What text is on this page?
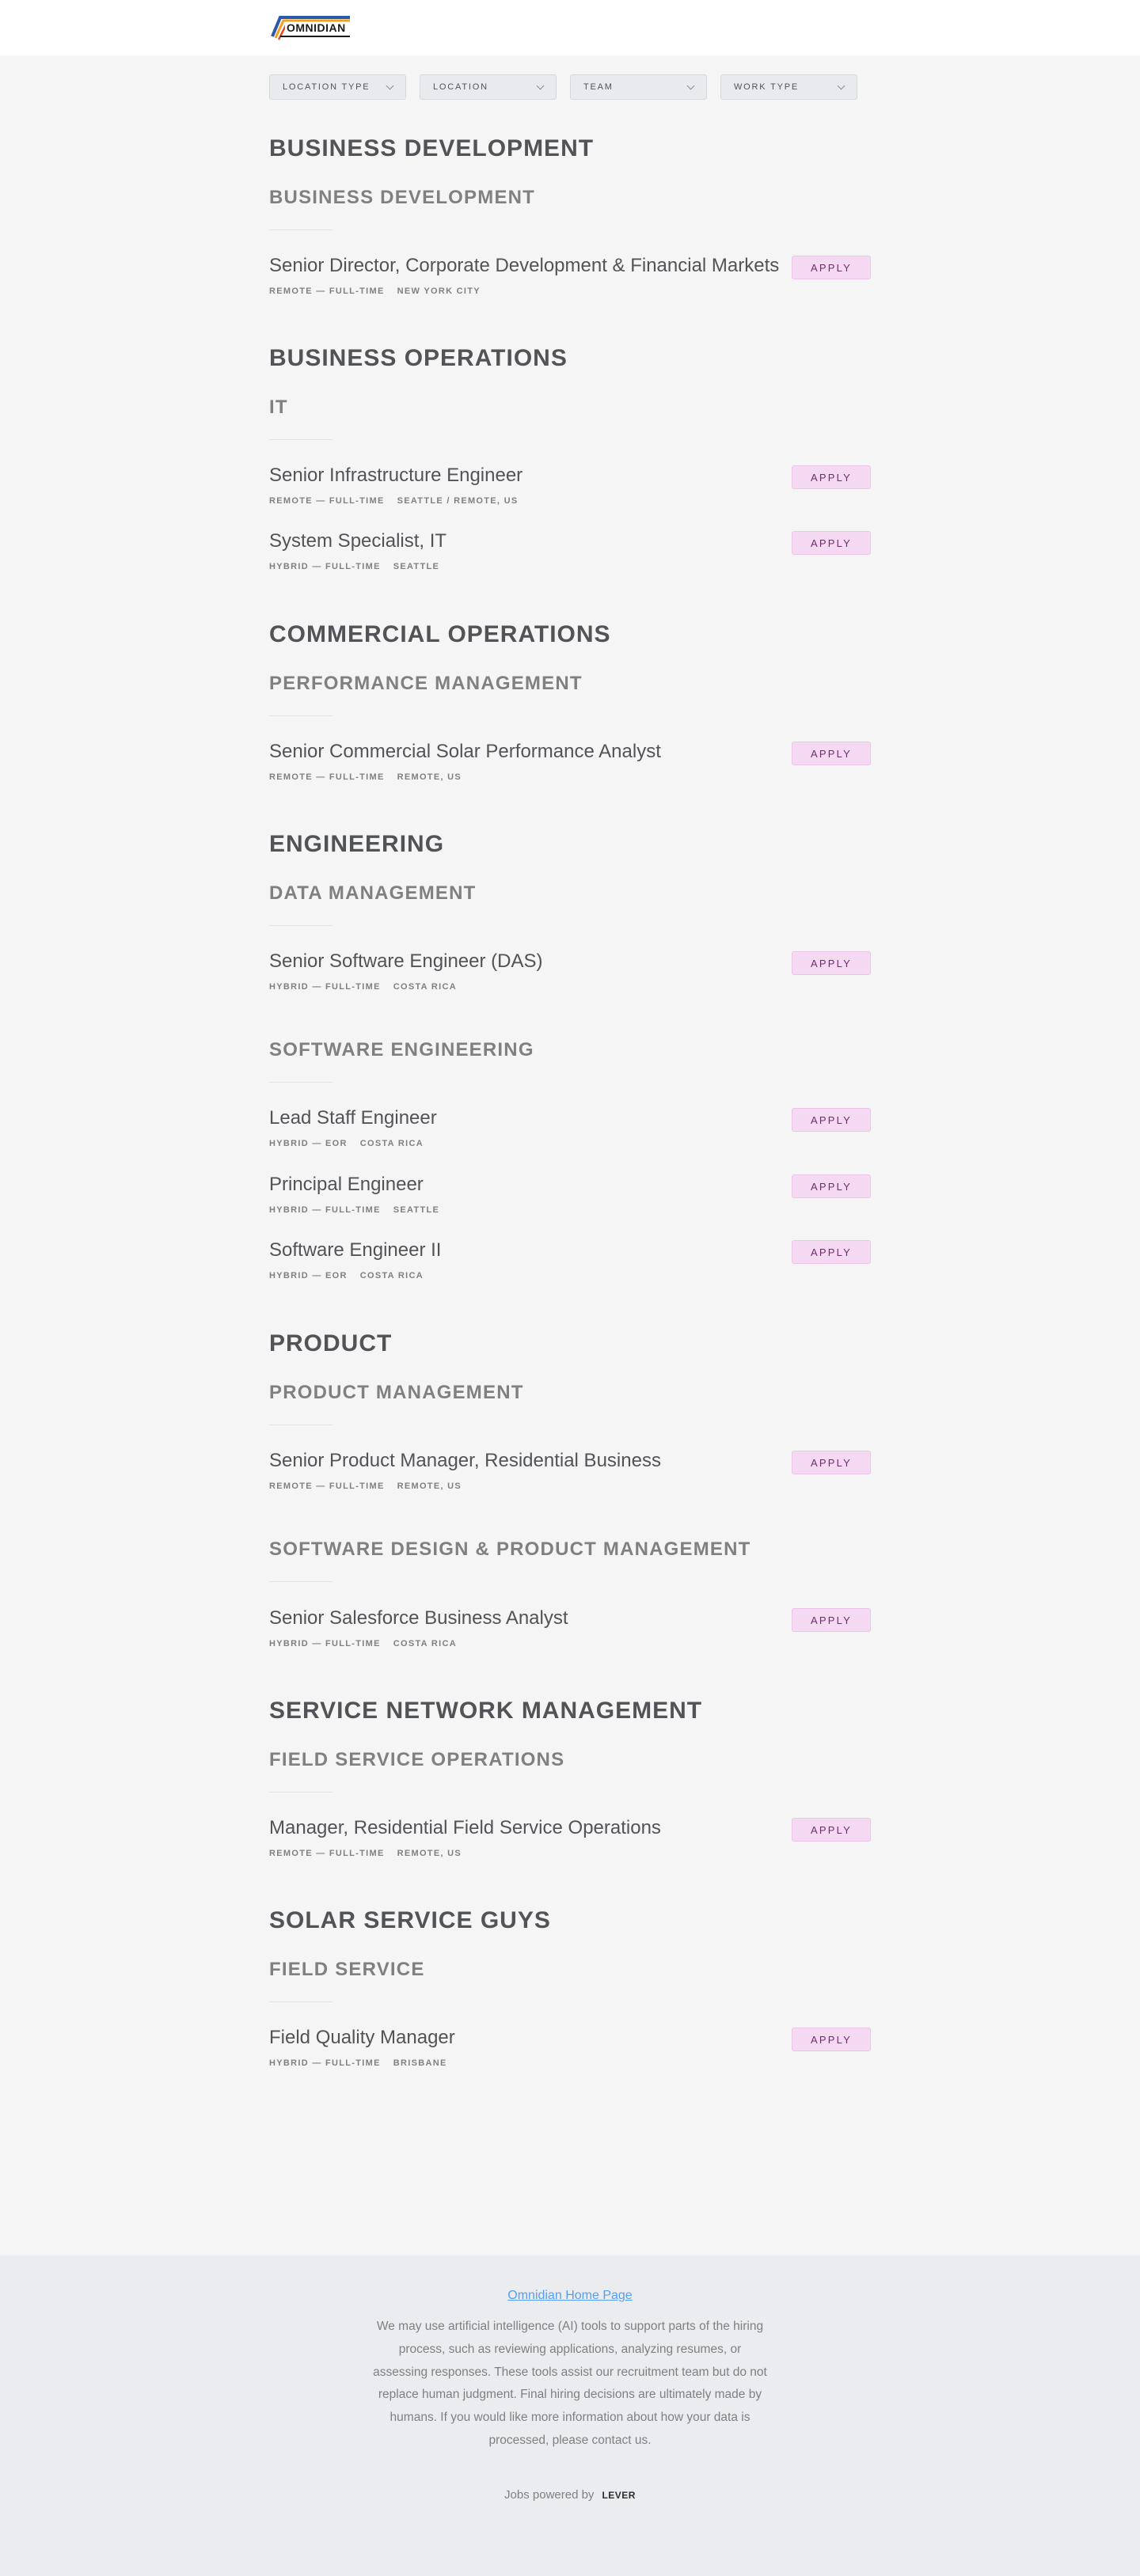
OMNIDIAN
LOCATION TYPE	LOCATION	TEAM	WORK TYPE
BUSINESS DEVELOPMENT
BUSINESS DEVELOPMENT
Senior Director, Corporate Development & Financial Markets
REMOTE — FULL-TIME NEW YORK CITY
APPLY
BUSINESS OPERATIONS
IT
Senior Infrastructure Engineer
REMOTE — FULL-TIME SEATTLE / REMOTE, US
APPLY
System Specialist, IT
HYBRID — FULL-TIME SEATTLE
APPLY
COMMERCIAL OPERATIONS
PERFORMANCE MANAGEMENT
Senior Commercial Solar Performance Analyst
REMOTE — FULL-TIME REMOTE, US
APPLY
ENGINEERING
DATA MANAGEMENT
Senior Software Engineer (DAS)
HYBRID — FULL-TIME COSTA RICA
APPLY
SOFTWARE ENGINEERING
Lead Staff Engineer
HYBRID — EOR COSTA RICA
APPLY
Principal Engineer
HYBRID — FULL-TIME SEATTLE
APPLY
Software Engineer II
HYBRID — EOR COSTA RICA
APPLY
PRODUCT
PRODUCT MANAGEMENT
Senior Product Manager, Residential Business
REMOTE — FULL-TIME REMOTE, US
APPLY
SOFTWARE DESIGN & PRODUCT MANAGEMENT
Senior Salesforce Business Analyst
HYBRID — FULL-TIME COSTA RICA
APPLY
SERVICE NETWORK MANAGEMENT
FIELD SERVICE OPERATIONS
Manager, Residential Field Service Operations
REMOTE — FULL-TIME REMOTE, US
APPLY
SOLAR SERVICE GUYS
FIELD SERVICE
Field Quality Manager
HYBRID — FULL-TIME BRISBANE
APPLY
Omnidian Home Page
We may use artificial intelligence (AI) tools to support parts of the hiring process, such as reviewing applications, analyzing resumes, or assessing responses. These tools assist our recruitment team but do not replace human judgment. Final hiring decisions are ultimately made by humans. If you would like more information about how your data is processed, please contact us.
Jobs powered by LEVER
